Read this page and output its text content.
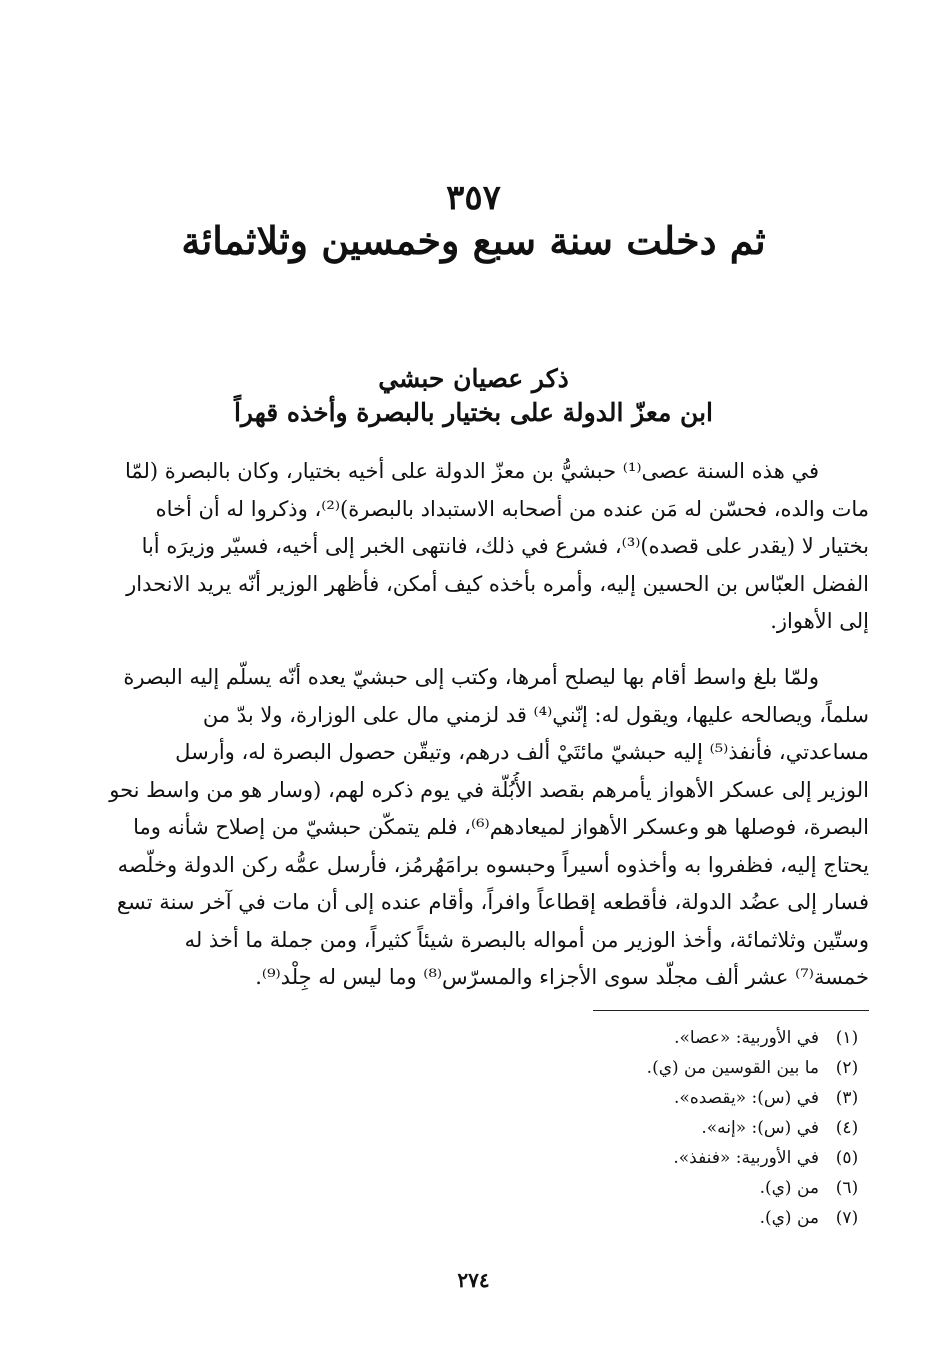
٣٥٧
ثم دخلت سنة سبع وخمسين وثلاثمائة
ذكر عصيان حبشي
ابن معزّ الدولة على بختيار بالبصرة وأخذه قهراً
في هذه السنة عصى⁽¹⁾ حبشيُّ بن معزّ الدولة على أخيه بختيار، وكان بالبصرة (لمّا
مات والده، فحسّن له مَن عنده من أصحابه الاستبداد بالبصرة)⁽²⁾، وذكروا له أن أخاه
بختيار لا (يقدر على قصده)⁽³⁾، فشرع في ذلك، فانتهى الخبر إلى أخيه، فسيّر وزيرَه أبا
الفضل العبّاس بن الحسين إليه، وأمره بأخذه كيف أمكن، فأظهر الوزير أنّه يريد الانحدار
إلى الأهواز.
ولمّا بلغ واسط أقام بها ليصلح أمرها، وكتب إلى حبشيّ يعده أنّه يسلّم إليه البصرة
سلماً، ويصالحه عليها، ويقول له: إنّني⁽⁴⁾ قد لزمني مال على الوزارة، ولا بدّ من
مساعدتي، فأنفذ⁽⁵⁾ إليه حبشيّ مائتَيْ ألف درهم، وتيقّن حصول البصرة له، وأرسل
الوزير إلى عسكر الأهواز يأمرهم بقصد الأُبُلّة في يوم ذكره لهم، (وسار هو من واسط نحو
البصرة، فوصلها هو وعسكر الأهواز لميعادهم⁽⁶⁾، فلم يتمكّن حبشيّ من إصلاح شأنه وما
يحتاج إليه، فظفروا به وأخذوه أسيراً وحبسوه برامَهُرمُز، فأرسل عمُّه ركن الدولة وخلّصه
فسار إلى عضُد الدولة، فأقطعه إقطاعاً وافراً، وأقام عنده إلى أن مات في آخر سنة تسع
وستّين وثلاثمائة، وأخذ الوزير من أمواله بالبصرة شيئاً كثيراً، ومن جملة ما أخذ له
خمسة⁽⁷⁾ عشر ألف مجلّد سوى الأجزاء والمسرّس⁽⁸⁾ وما ليس له جِلْد⁽⁹⁾.
(١)في الأوربية: «عصا».
(٢)ما بين القوسين من (ي).
(٣)في (س): «يقصده».
(٤)في (س): «إنه».
(٥)في الأوربية: «فنفذ».
(٦)من (ي).
(٧)من (ي).
٢٧٤
